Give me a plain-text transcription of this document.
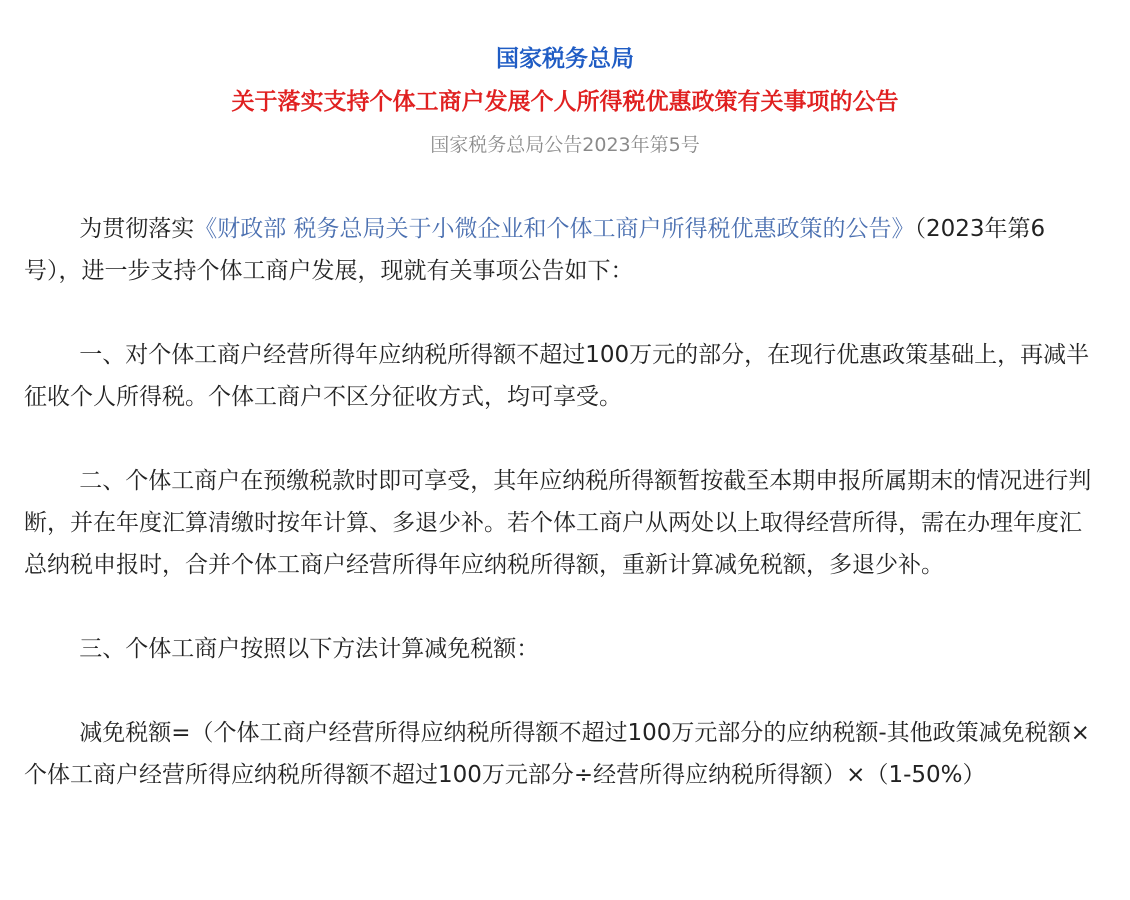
国家税务总局
关于落实支持个体工商户发展个人所得税优惠政策有关事项的公告
国家税务总局公告2023年第5号

为贯彻落实《财政部 税务总局关于小微企业和个体工商户所得税优惠政策的公告》（2023年第6号），进一步支持个体工商户发展，现就有关事项公告如下：

一、对个体工商户经营所得年应纳税所得额不超过100万元的部分，在现行优惠政策基础上，再减半征收个人所得税。个体工商户不区分征收方式，均可享受。

二、个体工商户在预缴税款时即可享受，其年应纳税所得额暂按截至本期申报所属期末的情况进行判断，并在年度汇算清缴时按年计算、多退少补。若个体工商户从两处以上取得经营所得，需在办理年度汇总纳税申报时，合并个体工商户经营所得年应纳税所得额，重新计算减免税额，多退少补。

三、个体工商户按照以下方法计算减免税额：

减免税额=（个体工商户经营所得应纳税所得额不超过100万元部分的应纳税额-其他政策减免税额×个体工商户经营所得应纳税所得额不超过100万元部分÷经营所得应纳税所得额）×（1-50%）
